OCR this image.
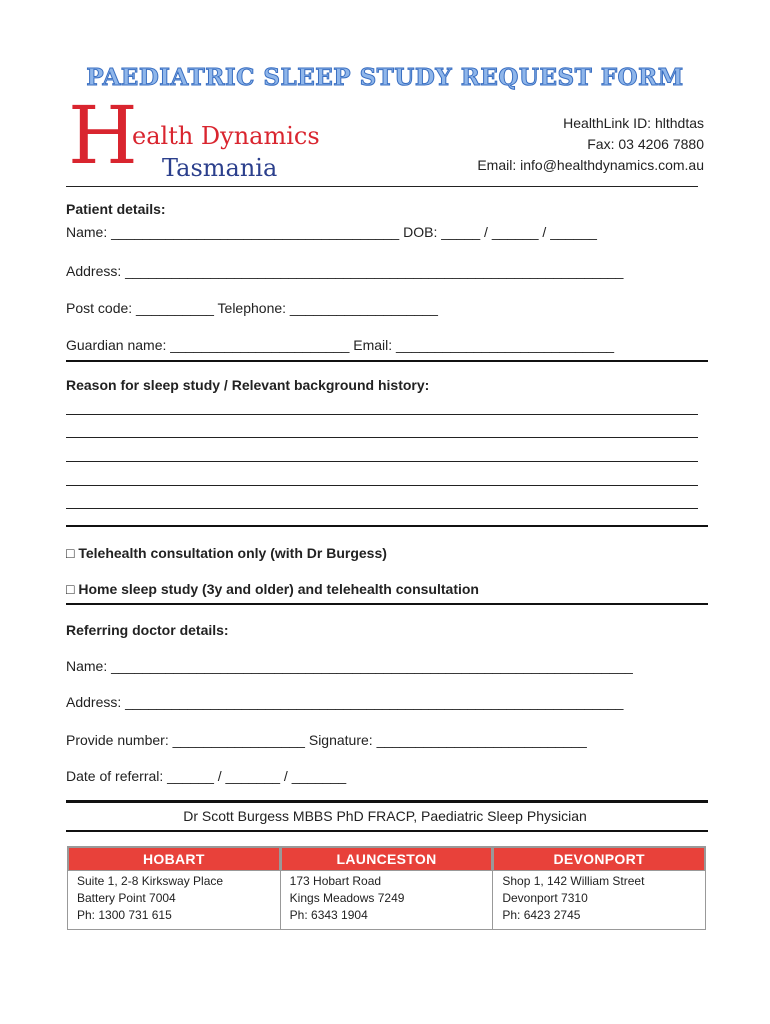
PAEDIATRIC SLEEP STUDY REQUEST FORM
H
ealth Dynamics
Tasmania
HealthLink ID: hlthdtas
Fax: 03 4206 7880
Email: info@healthdynamics.com.au
Patient details:
Name: _____________________________________ DOB: _____ / ______ / ______
Address: ________________________________________________________________
Post code: __________ Telephone: ___________________
Guardian name: _______________________ Email: ____________________________
Reason for sleep study / Relevant background history:
□ Telehealth consultation only (with Dr Burgess)
□ Home sleep study (3y and older) and telehealth consultation
Referring doctor details:
Name: ___________________________________________________________________
Address: ________________________________________________________________
Provide number: _________________ Signature: ___________________________
Date of referral: ______ / _______ / _______
Dr Scott Burgess MBBS PhD FRACP, Paediatric Sleep Physician
HOBART
Suite 1, 2-8 Kirksway Place
Battery Point 7004
Ph: 1300 731 615
LAUNCESTON
173 Hobart Road
Kings Meadows 7249
Ph: 6343 1904
DEVONPORT
Shop 1, 142 William Street
Devonport 7310
Ph: 6423 2745
